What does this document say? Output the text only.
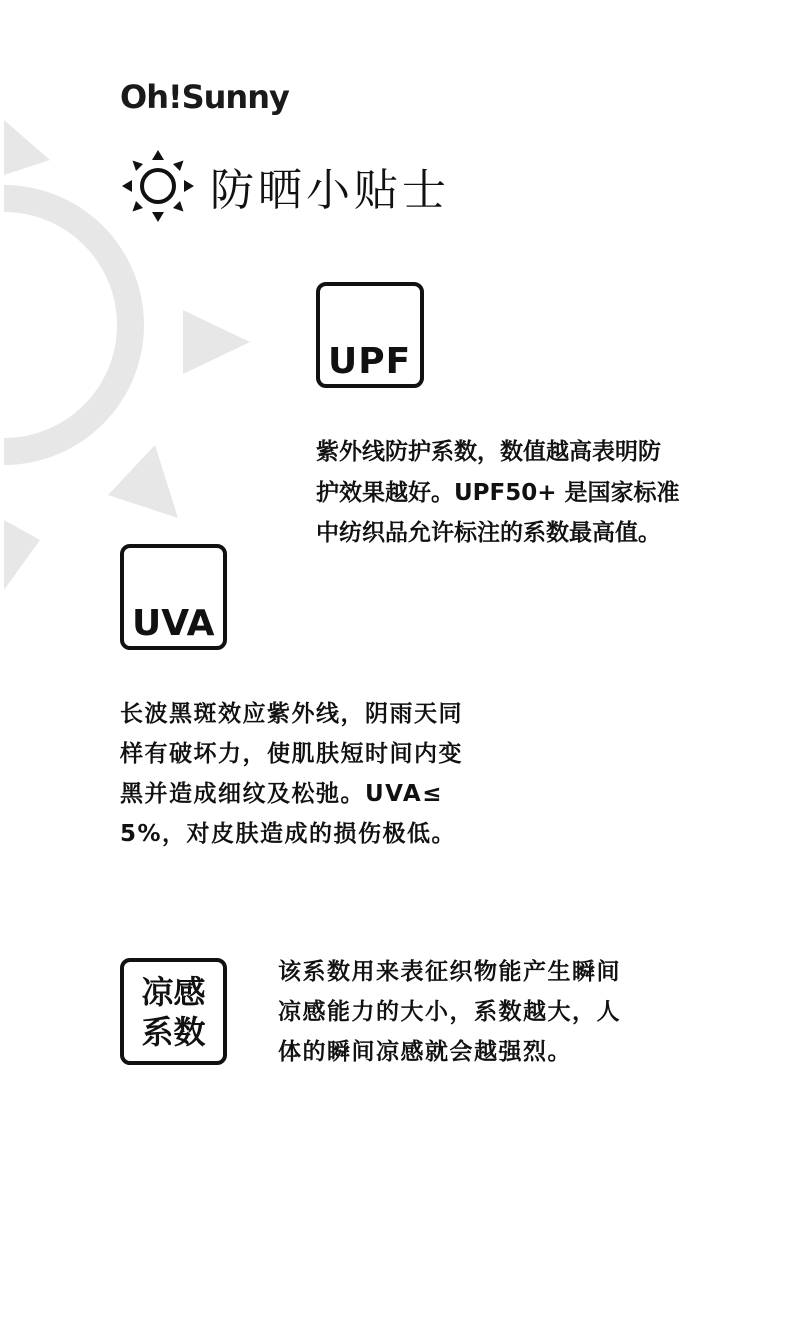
Oh!Sunny
防晒小贴士
UPF
紫外线防护系数，数值越高表明防
护效果越好。UPF50+ 是国家标准
中纺织品允许标注的系数最高值。
UVA
长波黑斑效应紫外线，阴雨天同
样有破坏力，使肌肤短时间内变
黑并造成细纹及松弛。UVA≤
5%，对皮肤造成的损伤极低。
凉感
系数
该系数用来表征织物能产生瞬间
凉感能力的大小，系数越大，人
体的瞬间凉感就会越强烈。
